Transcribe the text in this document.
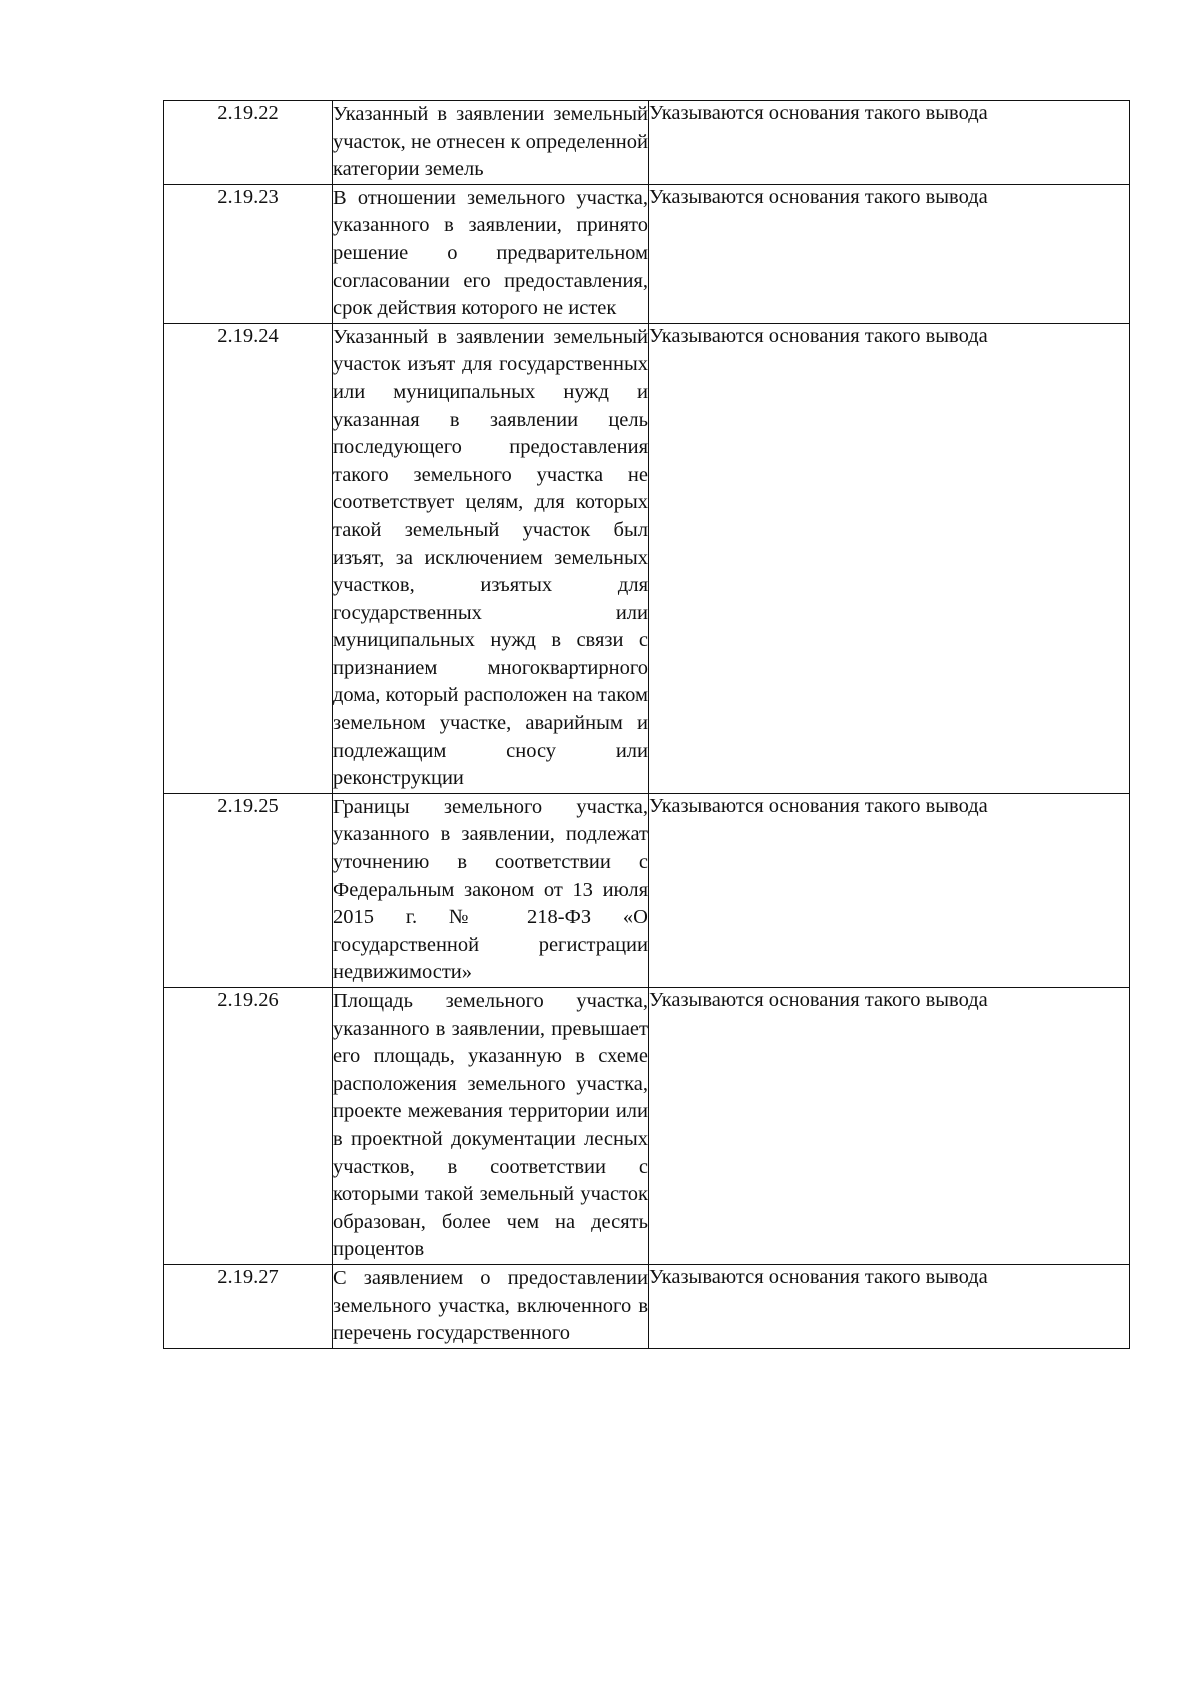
2.19.22	Указанный в заявлении земельный участок, не отнесен к определенной категории земель	Указываются основания такого вывода
2.19.23	В отношении земельного участка, указанного в заявлении, принято решение о предварительном согласовании его предоставления, срок действия которого не истек	Указываются основания такого вывода
2.19.24	Указанный в заявлении земельный участок изъят для государственных или муниципальных нужд и указанная в заявлении цель последующего предоставления такого земельного участка не соответствует целям, для которых такой земельный участок был изъят, за исключением земельных участков, изъятых для государственных или муниципальных нужд в связи с признанием многоквартирного дома, который расположен на таком земельном участке, аварийным и подлежащим сносу или реконструкции	Указываются основания такого вывода
2.19.25	Границы земельного участка, указанного в заявлении, подлежат уточнению в соответствии с Федеральным законом от 13 июля 2015 г. № 218-ФЗ «О государственной регистрации недвижимости»	Указываются основания такого вывода
2.19.26	Площадь земельного участка, указанного в заявлении, превышает его площадь, указанную в схеме расположения земельного участка, проекте межевания территории или в проектной документации лесных участков, в соответствии с которыми такой земельный участок образован, более чем на десять процентов	Указываются основания такого вывода
2.19.27	С заявлением о предоставлении земельного участка, включенного в перечень государственного	Указываются основания такого вывода
